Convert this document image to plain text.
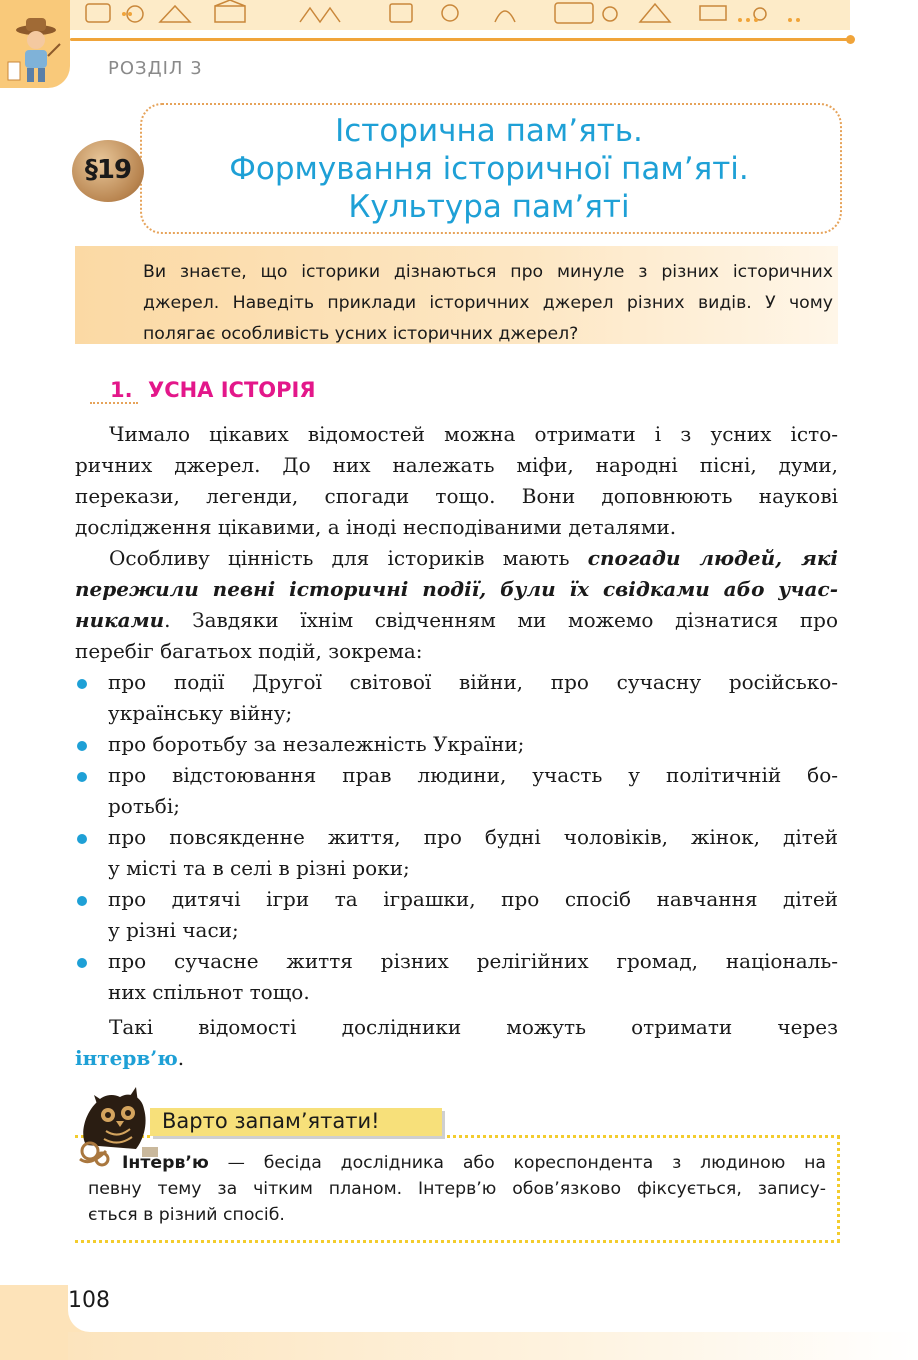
РОЗДІЛ 3
§19
Історична пам’ять.
Формування історичної пам’яті.
Культура пам’яті
Ви знаєте, що історики дізнаються про минуле з різних історичних
джерел. Наведіть приклади історичних джерел різних видів. У чому
полягає особливість усних історичних джерел?
1. УСНА ІСТОРІЯ
Чимало цікавих відомостей можна отримати і з усних істо-
ричних джерел. До них належать міфи, народні пісні, думи,
перекази, легенди, спогади тощо. Вони доповнюють наукові
дослідження цікавими, а іноді несподіваними деталями.
Особливу цінність для істориків мають спогади людей, які
пережили певні історичні події, були їх свідками або учас-
никами. Завдяки їхнім свідченням ми можемо дізнатися про
перебіг багатьох подій, зокрема:
про події Другої світової війни, про сучасну російсько-
українську війну;
про боротьбу за незалежність України;
про відстоювання прав людини, участь у політичній бо-
ротьбі;
про повсякденне життя, про будні чоловіків, жінок, дітей
у місті та в селі в різні роки;
про дитячі ігри та іграшки, про спосіб навчання дітей
у різні часи;
про сучасне життя різних релігійних громад, національ-
них спільнот тощо.
Такі відомості дослідники можуть отримати через
інтерв’ю.
Варто запам’ятати!
Інтерв’ю — бесіда дослідника або кореспондента з людиною на
певну тему за чітким планом. Інтерв’ю обов’язково фіксується, запису-
ється в різний спосіб.
108
